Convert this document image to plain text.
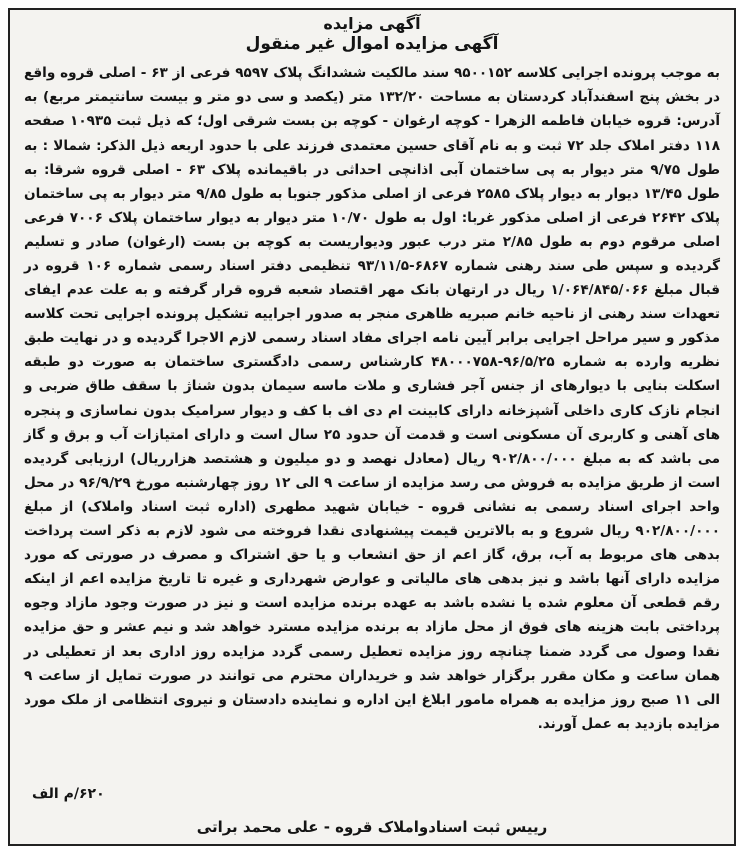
آگهی مزایده
آگهی مزایده اموال غیر منقول
به موجب پرونده اجرایی کلاسه ۹۵۰۰۱۵۲ سند مالکیت ششدانگ پلاک ۹۵۹۷ فرعی از ۶۳ - اصلی قروه واقع در بخش پنج اسفندآباد کردستان به مساحت ۱۳۲/۲۰ متر (یکصد و سی دو متر و بیست سانتیمتر مربع) به آدرس: قروه خیابان فاطمه الزهرا - کوچه ارغوان - کوچه بن بست شرقی اول؛ که ذیل ثبت ۱۰۹۳۵ صفحه ۱۱۸ دفتر املاک جلد ۷۲ ثبت و به نام آقای حسین معتمدی فرزند علی با حدود اربعه ذیل الذکر: شمالا : به طول ۹/۷۵ متر دیوار به پی ساختمان آبی اذانچی احداثی در باقیمانده پلاک ۶۳ - اصلی قروه شرقا: به طول ۱۳/۴۵ دیوار به دیوار پلاک ۲۵۸۵ فرعی از اصلی مذکور جنوبا به طول ۹/۸۵ متر دیوار به پی ساختمان پلاک ۲۶۴۲ فرعی از اصلی مذکور غربا: اول به طول ۱۰/۷۰ متر دیوار به دیوار ساختمان پلاک ۷۰۰۶ فرعی اصلی مرقوم دوم به طول ۲/۸۵ متر درب عبور ودیواریست به کوچه بن بست (ارغوان) صادر و تسلیم گردیده و سپس طی سند رهنی شماره ۶۸۶۷-۹۳/۱۱/۵ تنظیمی دفتر اسناد رسمی شماره ۱۰۶ قروه در قبال مبلغ ۱/۰۶۴/۸۴۵/۰۶۶ ریال در ارتهان بانک مهر اقتصاد شعبه قروه قرار گرفته و به علت عدم ایفای تعهدات سند رهنی از ناحیه خانم صبریه ظاهری منجر به صدور اجراییه تشکیل پرونده اجرایی تحت کلاسه مذکور و سیر مراحل اجرایی برابر آیین نامه اجرای مفاد اسناد رسمی لازم الاجرا گردیده و در نهایت طبق نظریه وارده به شماره ۹۶/۵/۲۵-۴۸۰۰۰۷۵۸ کارشناس رسمی دادگستری ساختمان به صورت دو طبقه اسکلت بنایی با دیوارهای از جنس آجر فشاری و ملات ماسه سیمان بدون شناژ با سقف طاق ضربی و انجام نازک کاری داخلی آشپزخانه دارای کابینت ام دی اف با کف و دیوار سرامیک بدون نماسازی و پنجره های آهنی و کاربری آن مسکونی است و قدمت آن حدود ۲۵ سال است و دارای امتیازات آب و برق و گاز می باشد که به مبلغ ۹۰۲/۸۰۰/۰۰۰ ریال (معادل نهصد و دو میلیون و هشتصد هزارریال) ارزیابی گردیده است از طریق مزایده به فروش می رسد مزایده از ساعت ۹ الی ۱۲ روز چهارشنبه مورخ ۹۶/۹/۲۹ در محل واحد اجرای اسناد رسمی به نشانی قروه - خیابان شهید مطهری (اداره ثبت اسناد واملاک) از مبلغ ۹۰۲/۸۰۰/۰۰۰ ریال شروع و به بالاترین قیمت پیشنهادی نقدا فروخته می شود لازم به ذکر است پرداخت بدهی های مربوط به آب، برق، گاز اعم از حق انشعاب و یا حق اشتراک و مصرف در صورتی که مورد مزایده دارای آنها باشد و نیز بدهی های مالیاتی و عوارض شهرداری و غیره تا تاریخ مزایده اعم از اینکه رقم قطعی آن معلوم شده یا نشده باشد به عهده برنده مزایده است و نیز در صورت وجود مازاد وجوه پرداختی بابت هزینه های فوق از محل مازاد به برنده مزایده مسترد خواهد شد و نیم عشر و حق مزایده نقدا وصول می گردد ضمنا چنانچه روز مزایده تعطیل رسمی گردد مزایده روز اداری بعد از تعطیلی در همان ساعت و مکان مقرر برگزار خواهد شد و خریداران محترم می توانند در صورت تمایل از ساعت ۹ الی ۱۱ صبح روز مزایده به همراه مامور ابلاغ این اداره و نماینده دادستان و نیروی انتظامی از ملک مورد مزایده بازدید به عمل آورند.
۶۲۰/م الف
رییس ثبت اسنادواملاک قروه - علی محمد براتی
